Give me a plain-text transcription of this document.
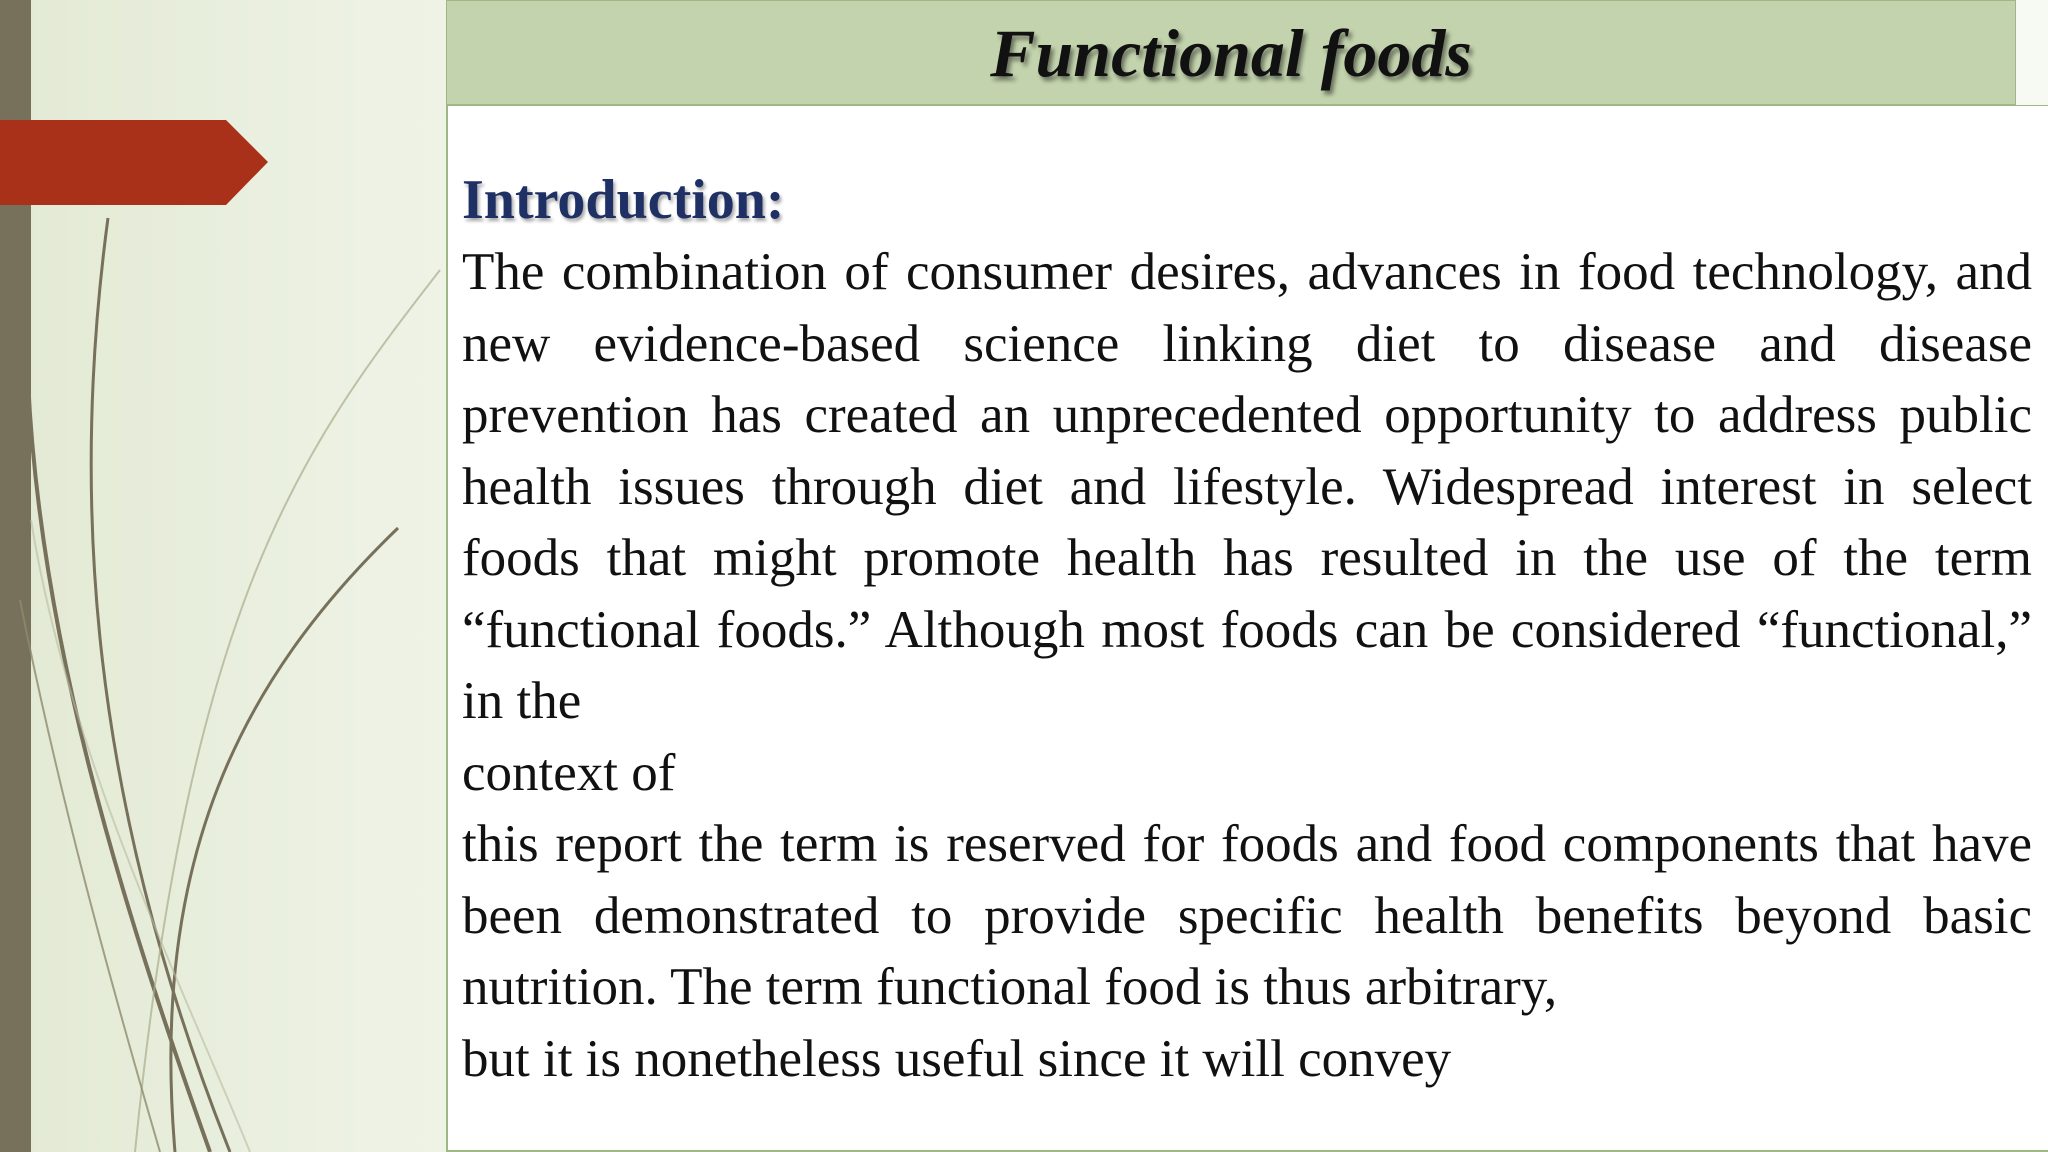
Functional foods

Introduction:

The combination of consumer desires, advances in food technology, and new evidence-based science linking diet to disease and disease prevention has created an unprecedented opportunity to address public health issues through diet and lifestyle. Widespread interest in select foods that might promote health has resulted in the use of the term “functional foods.” Although most foods can be considered “functional,” in the

context of

this report the term is reserved for foods and food components that have been demonstrated to provide specific health benefits beyond basic nutrition. The term functional food is thus arbitrary,

but it is nonetheless useful since it will convey
